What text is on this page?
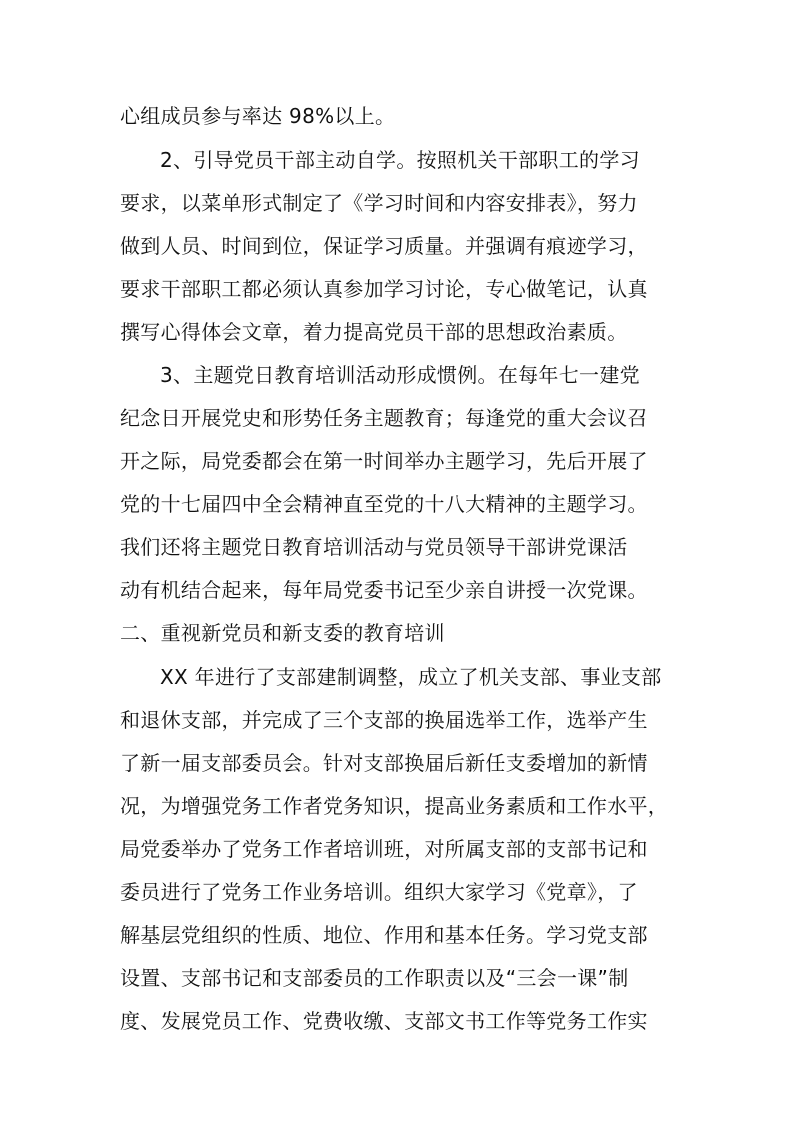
心组成员参与率达 98%以上。
2、引导党员干部主动自学。按照机关干部职工的学习
要求，以菜单形式制定了《学习时间和内容安排表》，努力
做到人员、时间到位，保证学习质量。并强调有痕迹学习，
要求干部职工都必须认真参加学习讨论，专心做笔记，认真
撰写心得体会文章，着力提高党员干部的思想政治素质。
3、主题党日教育培训活动形成惯例。在每年七一建党
纪念日开展党史和形势任务主题教育；每逢党的重大会议召
开之际，局党委都会在第一时间举办主题学习，先后开展了
党的十七届四中全会精神直至党的十八大精神的主题学习。
我们还将主题党日教育培训活动与党员领导干部讲党课活
动有机结合起来，每年局党委书记至少亲自讲授一次党课。
二、重视新党员和新支委的教育培训
XX 年进行了支部建制调整，成立了机关支部、事业支部
和退休支部，并完成了三个支部的换届选举工作，选举产生
了新一届支部委员会。针对支部换届后新任支委增加的新情
况，为增强党务工作者党务知识，提高业务素质和工作水平，
局党委举办了党务工作者培训班，对所属支部的支部书记和
委员进行了党务工作业务培训。组织大家学习《党章》，了
解基层党组织的性质、地位、作用和基本任务。学习党支部
设置、支部书记和支部委员的工作职责以及“三会一课”制
度、发展党员工作、党费收缴、支部文书工作等党务工作实
